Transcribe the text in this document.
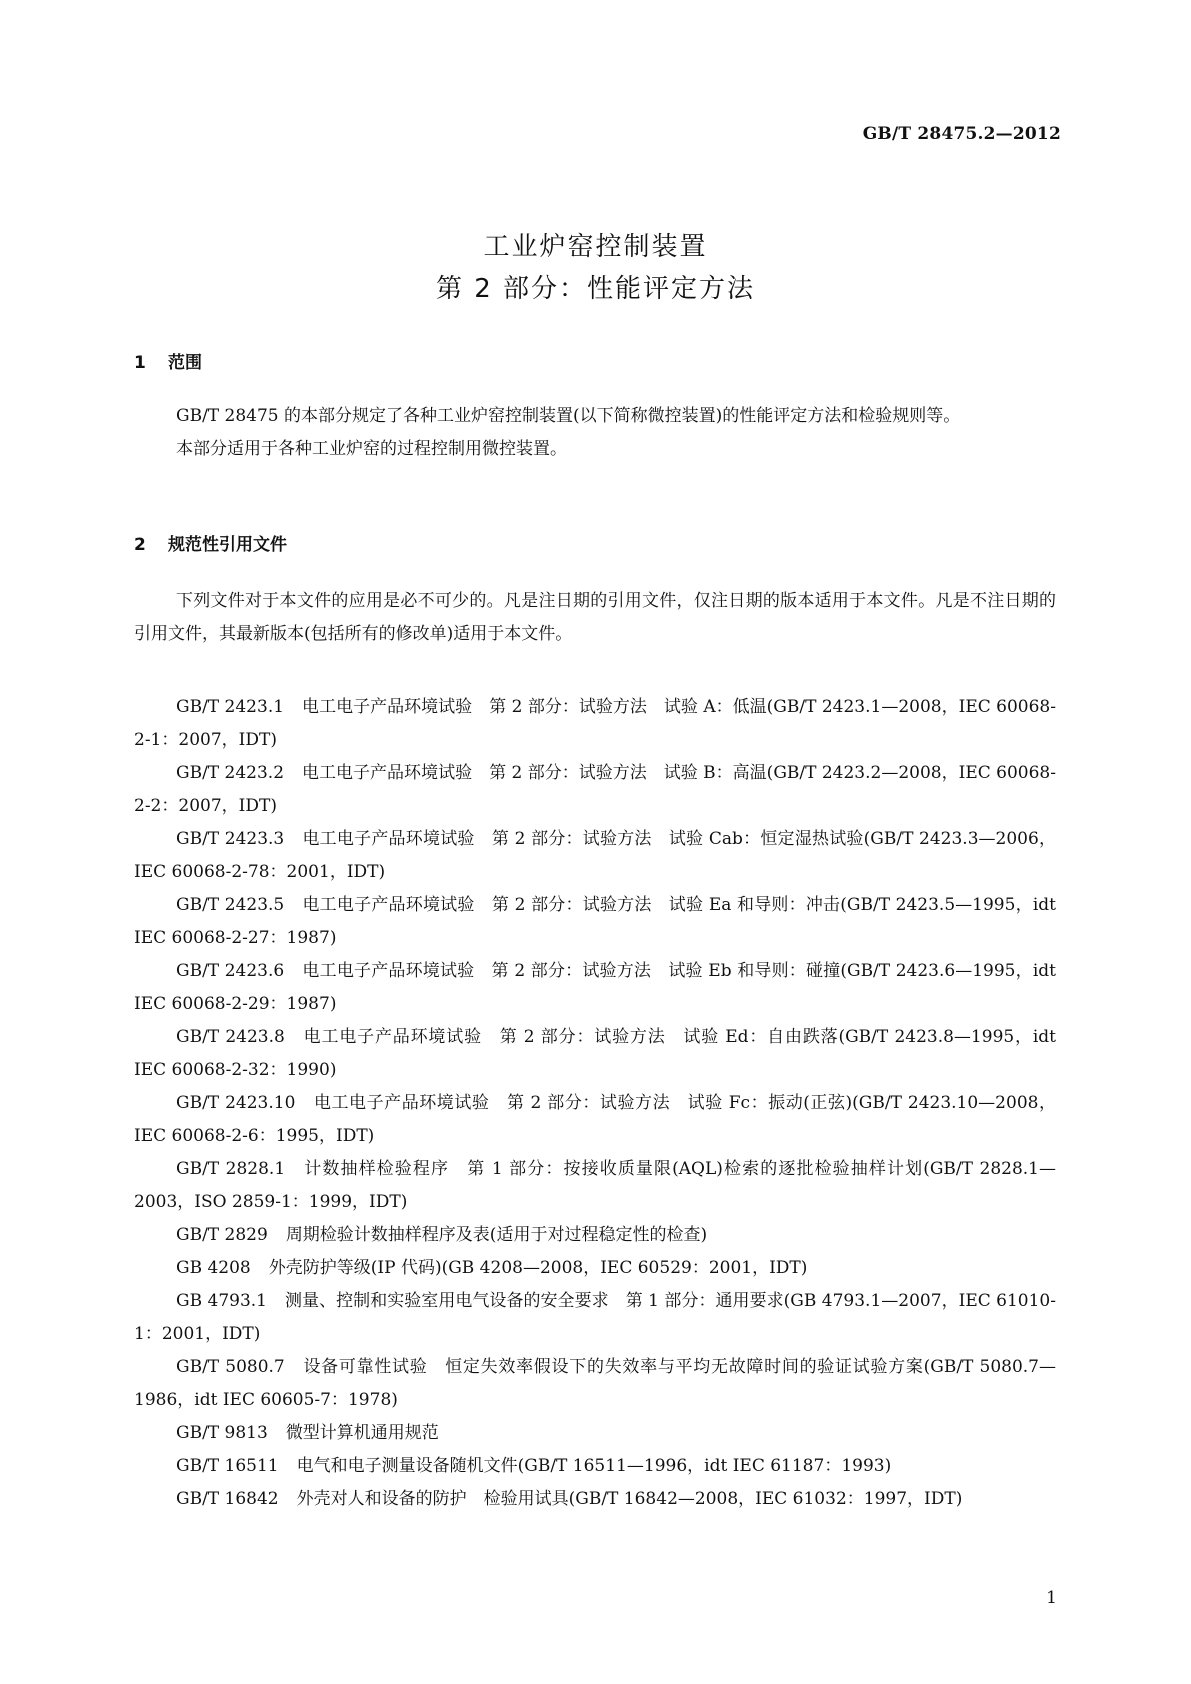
GB/T 28475.2—2012
工业炉窑控制装置
第 2 部分：性能评定方法
1 范围

GB/T 28475 的本部分规定了各种工业炉窑控制装置(以下简称微控装置)的性能评定方法和检验规则等。

本部分适用于各种工业炉窑的过程控制用微控装置。

2 规范性引用文件

下列文件对于本文件的应用是必不可少的。凡是注日期的引用文件，仅注日期的版本适用于本文件。凡是不注日期的引用文件，其最新版本(包括所有的修改单)适用于本文件。

GB/T 2423.1 电工电子产品环境试验　第 2 部分：试验方法　试验 A：低温(GB/T 2423.1—2008，IEC 60068-2-1：2007，IDT)

GB/T 2423.2 电工电子产品环境试验　第 2 部分：试验方法　试验 B：高温(GB/T 2423.2—2008，IEC 60068-2-2：2007，IDT)

GB/T 2423.3 电工电子产品环境试验　第 2 部分：试验方法　试验 Cab：恒定湿热试验(GB/T 2423.3—2006，IEC 60068-2-78：2001，IDT)

GB/T 2423.5 电工电子产品环境试验　第 2 部分：试验方法　试验 Ea 和导则：冲击(GB/T 2423.5—1995，idt IEC 60068-2-27：1987)

GB/T 2423.6 电工电子产品环境试验　第 2 部分：试验方法　试验 Eb 和导则：碰撞(GB/T 2423.6—1995，idt IEC 60068-2-29：1987)

GB/T 2423.8 电工电子产品环境试验　第 2 部分：试验方法　试验 Ed：自由跌落(GB/T 2423.8—1995，idt IEC 60068-2-32：1990)

GB/T 2423.10 电工电子产品环境试验　第 2 部分：试验方法　试验 Fc：振动(正弦)(GB/T 2423.10—2008，IEC 60068-2-6：1995，IDT)

GB/T 2828.1 计数抽样检验程序　第 1 部分：按接收质量限(AQL)检索的逐批检验抽样计划(GB/T 2828.1—2003，ISO 2859-1：1999，IDT)

GB/T 2829 周期检验计数抽样程序及表(适用于对过程稳定性的检查)

GB 4208 外壳防护等级(IP 代码)(GB 4208—2008，IEC 60529：2001，IDT)

GB 4793.1 测量、控制和实验室用电气设备的安全要求　第 1 部分：通用要求(GB 4793.1—2007，IEC 61010-1：2001，IDT)

GB/T 5080.7 设备可靠性试验　恒定失效率假设下的失效率与平均无故障时间的验证试验方案(GB/T 5080.7—1986，idt IEC 60605-7：1978)

GB/T 9813 微型计算机通用规范

GB/T 16511 电气和电子测量设备随机文件(GB/T 16511—1996，idt IEC 61187：1993)

GB/T 16842 外壳对人和设备的防护　检验用试具(GB/T 16842—2008，IEC 61032：1997，IDT)

1
